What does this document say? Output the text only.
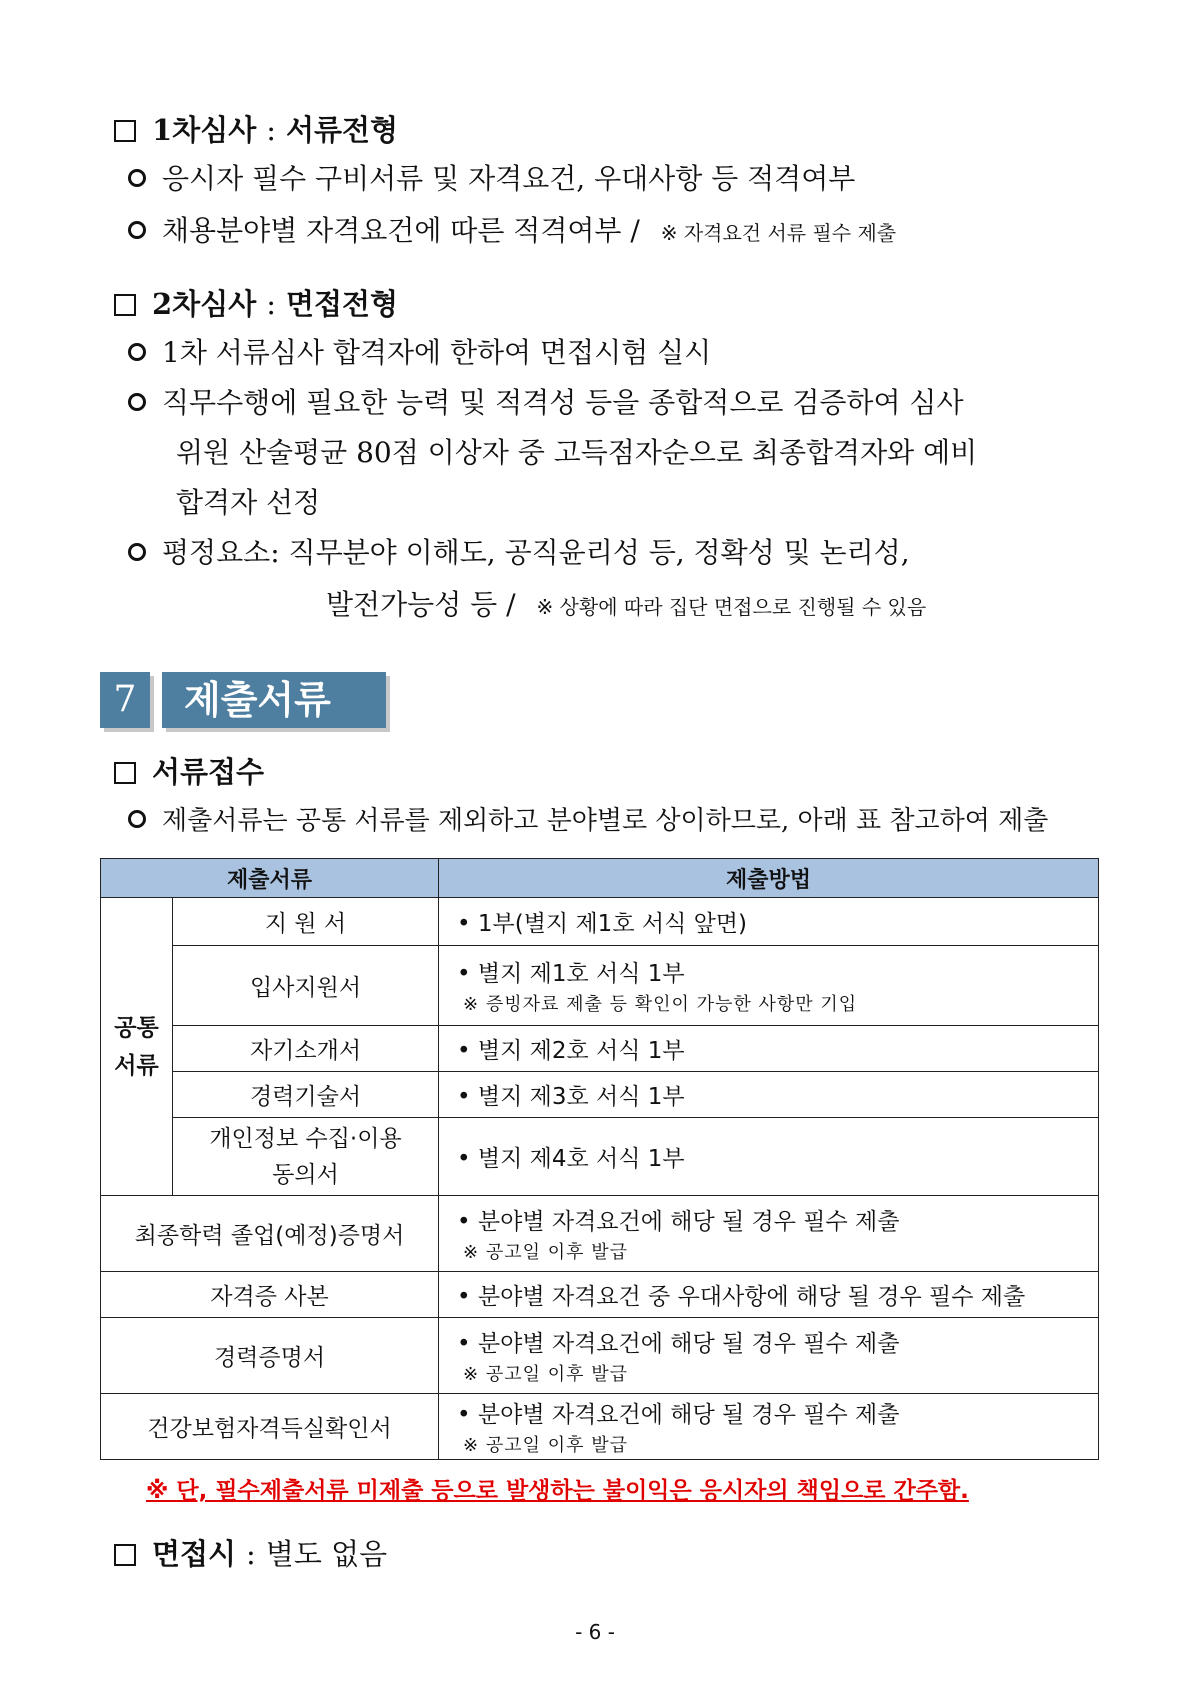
1차심사 : 서류전형
응시자 필수 구비서류 및 자격요건, 우대사항 등 적격여부
채용분야별 자격요건에 따른 적격여부 / ※ 자격요건 서류 필수 제출
2차심사 : 면접전형
1차 서류심사 합격자에 한하여 면접시험 실시
직무수행에 필요한 능력 및 적격성 등을 종합적으로 검증하여 심사
위원 산술평균 80점 이상자 중 고득점자순으로 최종합격자와 예비
합격자 선정
평정요소: 직무분야 이해도, 공직윤리성 등, 정확성 및 논리성,
발전가능성 등 / ※ 상황에 따라 집단 면접으로 진행될 수 있음
7	제출서류
서류접수
제출서류는 공통 서류를 제외하고 분야별로 상이하므로, 아래 표 참고하여 제출
제출서류		제출방법
공통
서류	지 원 서	• 1부(별지 제1호 서식 앞면)
	입사지원서	• 별지 제1호 서식 1부
※ 증빙자료 제출 등 확인이 가능한 사항만 기입

	자기소개서	• 별지 제2호 서식 1부
	경력기술서	• 별지 제3호 서식 1부
	개인정보 수집·이용
동의서	• 별지 제4호 서식 1부
최종학력 졸업(예정)증명서		• 분야별 자격요건에 해당 될 경우 필수 제출
※ 공고일 이후 발급

자격증 사본		• 분야별 자격요건 중 우대사항에 해당 될 경우 필수 제출
경력증명서		• 분야별 자격요건에 해당 될 경우 필수 제출
※ 공고일 이후 발급

건강보험자격득실확인서		• 분야별 자격요건에 해당 될 경우 필수 제출
※ 공고일 이후 발급
※ 단, 필수제출서류 미제출 등으로 발생하는 불이익은 응시자의 책임으로 간주함.
면접시 : 별도 없음
- 6 -
